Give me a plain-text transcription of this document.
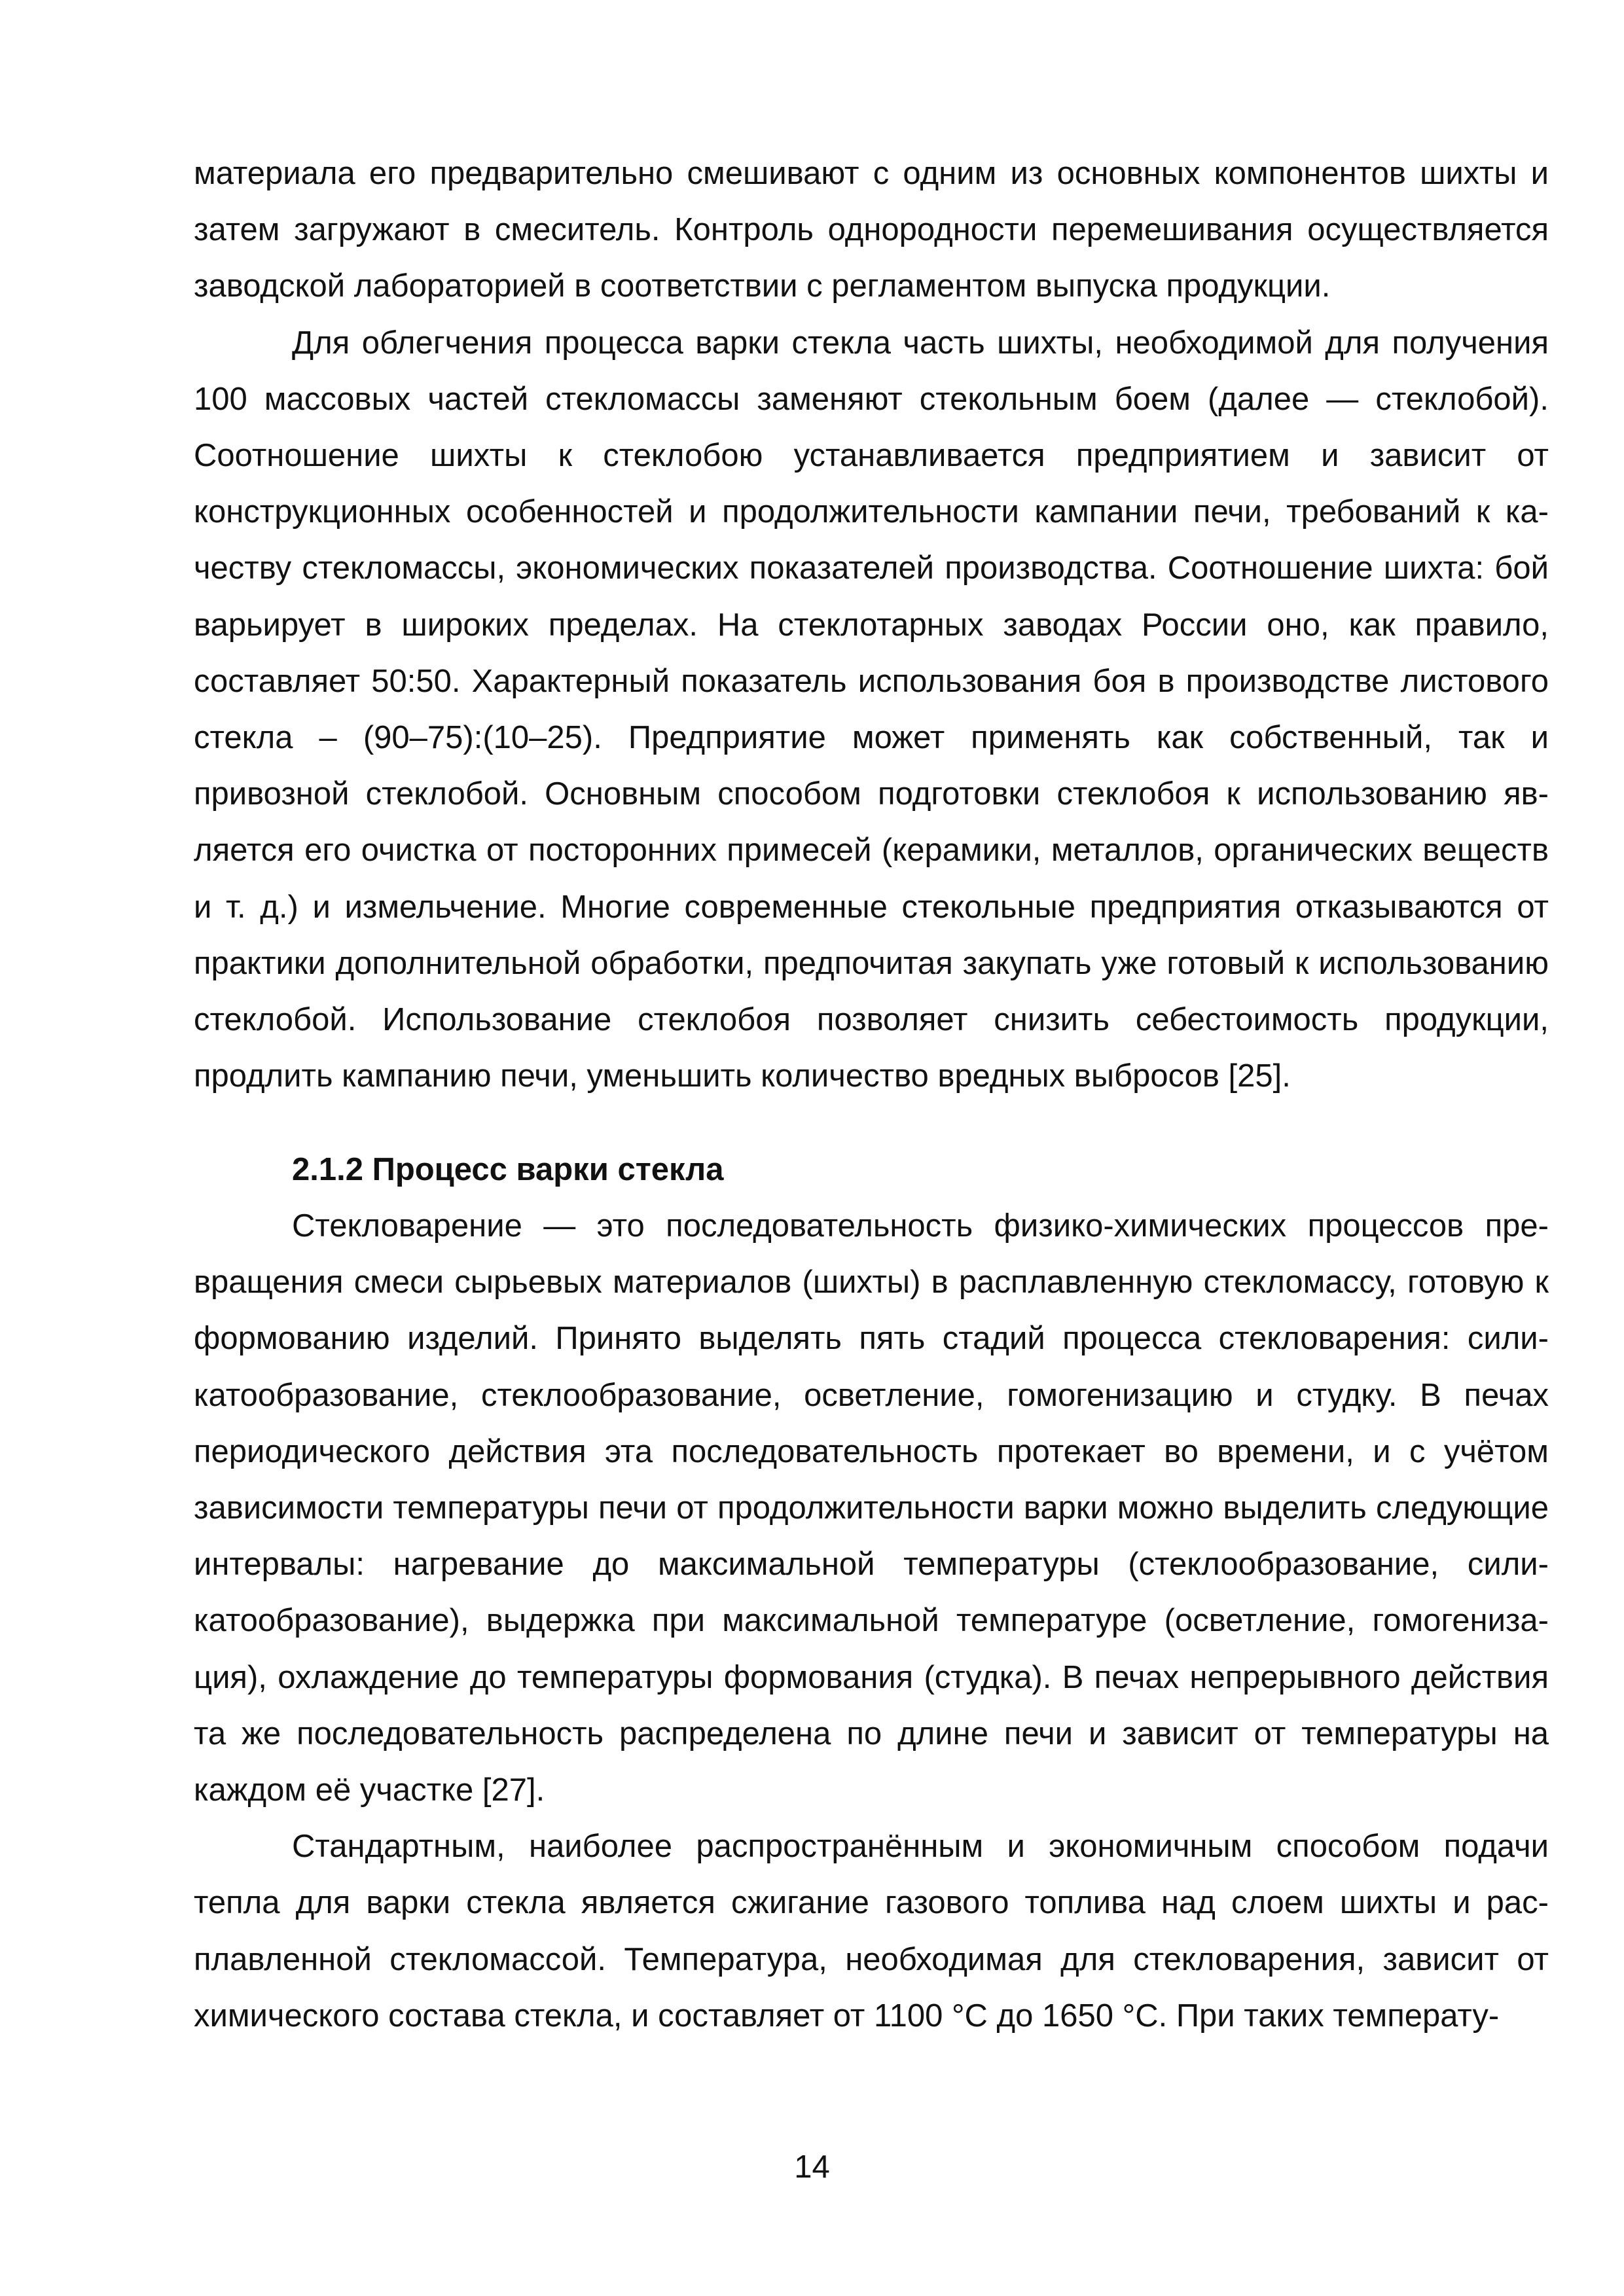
материала его предварительно смешивают с одним из основных компонентов шихты и затем загружают в смеситель. Контроль однородности перемешивания осуществляется заводской лабораторией в соответствии с регламентом выпуска продукции.

Для облегчения процесса варки стекла часть шихты, необходимой для получения 100 массовых частей стекломассы заменяют стекольным боем (далее — стеклобой). Соотношение шихты к стеклобою устанавливается предприятием и зависит от конструкционных особенностей и продолжительности кампании печи, требований к качеству стекломассы, экономических показателей производства. Соотношение шихта: бой варьирует в широких пределах. На стеклотарных заводах России оно, как правило, составляет 50:50. Характерный показатель использования боя в производстве листового стекла – (90–75):(10–25). Предприятие может применять как собственный, так и привозной стеклобой. Основным способом подготовки стеклобоя к использованию является его очистка от посторонних примесей (керамики, металлов, органических веществ и т. д.) и измельчение. Многие современные стекольные предприятия отказываются от практики дополнительной обработки, предпочитая закупать уже готовый к использованию стеклобой. Использование стеклобоя позволяет снизить себестоимость продукции, продлить кампанию печи, уменьшить количество вредных выбросов [25].

2.1.2 Процесс варки стекла

Стекловарение — это последовательность физико-химических процессов превращения смеси сырьевых материалов (шихты) в расплавленную стекломассу, готовую к формованию изделий. Принято выделять пять стадий процесса стекловарения: силикатообразование, стеклообразование, осветление, гомогенизацию и студку. В печах периодического действия эта последовательность протекает во времени, и с учётом зависимости температуры печи от продолжительности варки можно выделить следующие интервалы: нагревание до максимальной температуры (стеклообразование, силикатообразование), выдержка при максимальной температуре (осветление, гомогенизация), охлаждение до температуры формования (студка). В печах непрерывного действия та же последовательность распределена по длине печи и зависит от температуры на каждом её участке [27].

Стандартным, наиболее распространённым и экономичным способом подачи тепла для варки стекла является сжигание газового топлива над слоем шихты и расплавленной стекломассой. Температура, необходимая для стекловарения, зависит от химического состава стекла, и составляет от 1100 °С до 1650 °С. При таких температу-

14
